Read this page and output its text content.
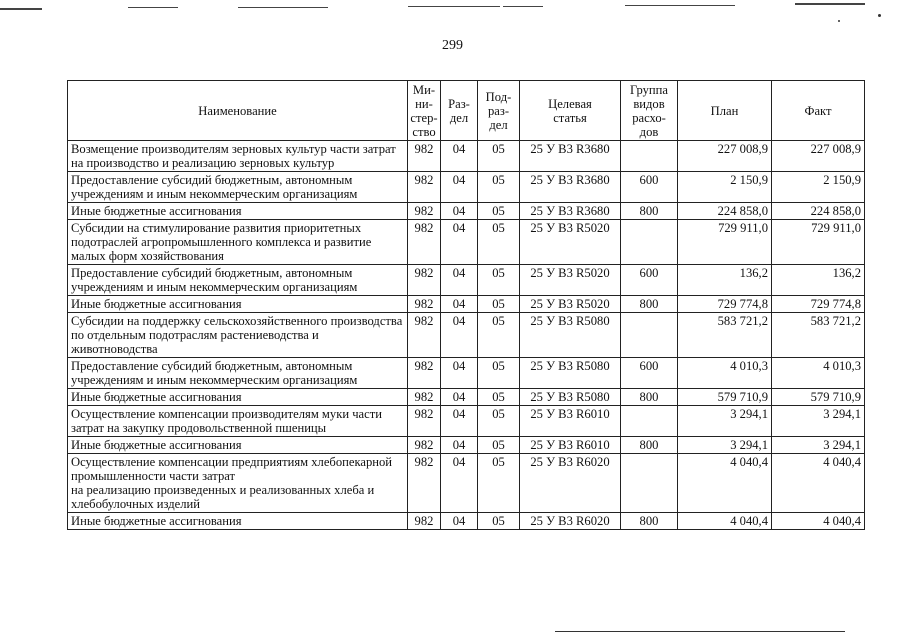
299
Наименование	Ми-
ни-
стер-
ство	Раз-
дел	Под-
раз-
дел	Целевая
статья	Группа
видов
расхо-
дов	План	Факт
Возмещение производителям зерновых культур части затрат на производство и реализацию зерновых культур	982	04	05	25 У В3 R3680		227 008,9	227 008,9
Предоставление субсидий бюджетным, автономным учреждениям и иным некоммерческим организациям	982	04	05	25 У В3 R3680	600	2 150,9	2 150,9
Иные бюджетные ассигнования	982	04	05	25 У В3 R3680	800	224 858,0	224 858,0
Субсидии на стимулирование развития приоритетных подотраслей агропромышленного комплекса и развитие малых форм хозяйствования	982	04	05	25 У В3 R5020		729 911,0	729 911,0
Предоставление субсидий бюджетным, автономным учреждениям и иным некоммерческим организациям	982	04	05	25 У В3 R5020	600	136,2	136,2
Иные бюджетные ассигнования	982	04	05	25 У В3 R5020	800	729 774,8	729 774,8
Субсидии на поддержку сельскохозяйственного производства по отдельным подотраслям растениеводства и животноводства	982	04	05	25 У В3 R5080		583 721,2	583 721,2
Предоставление субсидий бюджетным, автономным учреждениям и иным некоммерческим организациям	982	04	05	25 У В3 R5080	600	4 010,3	4 010,3
Иные бюджетные ассигнования	982	04	05	25 У В3 R5080	800	579 710,9	579 710,9
Осуществление компенсации производителям муки части затрат на закупку продовольственной пшеницы	982	04	05	25 У В3 R6010		3 294,1	3 294,1
Иные бюджетные ассигнования	982	04	05	25 У В3 R6010	800	3 294,1	3 294,1
Осуществление компенсации предприятиям хлебопекарной промышленности части затрат
на реализацию произведенных и реализованных хлеба и хлебобулочных изделий	982	04	05	25 У В3 R6020		4 040,4	4 040,4
Иные бюджетные ассигнования	982	04	05	25 У В3 R6020	800	4 040,4	4 040,4
